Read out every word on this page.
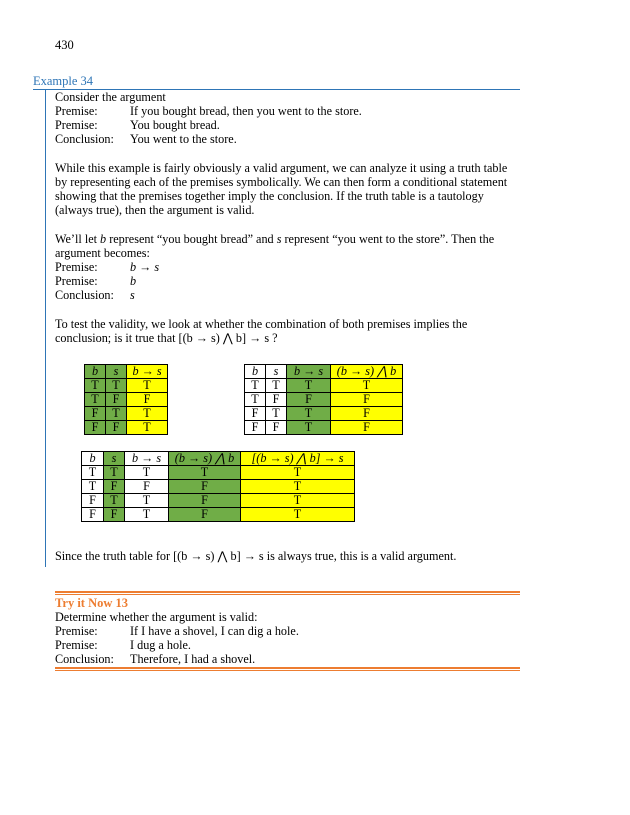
430
Example 34
Consider the argument
Premise:	If you bought bread, then you went to the store.
Premise:	You bought bread.
Conclusion: You went to the store.
While this example is fairly obviously a valid argument, we can analyze it using a truth table
by representing each of the premises symbolically. We can then form a conditional statement
showing that the premises together imply the conclusion. If the truth table is a tautology
(always true), then the argument is valid.
We’ll let b represent “you bought bread” and s represent “you went to the store”. Then the
argument becomes:
Premise:	b → s
Premise:	b
Conclusion: s
To test the validity, we look at whether the combination of both premises implies the
conclusion; is it true that [(b → s) ⋀ b] → s ?
b	s	b → s
T	T	T
T	F	F
F	T	T
F	F	T
b	s	b → s	(b → s) ⋀ b
T	T	T	T
T	F	F	F
F	T	T	F
F	F	T	F
b	s	b → s	(b → s) ⋀ b	[(b → s) ⋀ b] → s
T	T	T	T	T
T	F	F	F	T
F	T	T	F	T
F	F	T	F	T
Since the truth table for [(b → s) ⋀ b] → s is always true, this is a valid argument.
Try it Now 13
Determine whether the argument is valid:
Premise:	If I have a shovel, I can dig a hole.
Premise:	I dug a hole.
Conclusion: Therefore, I had a shovel.
